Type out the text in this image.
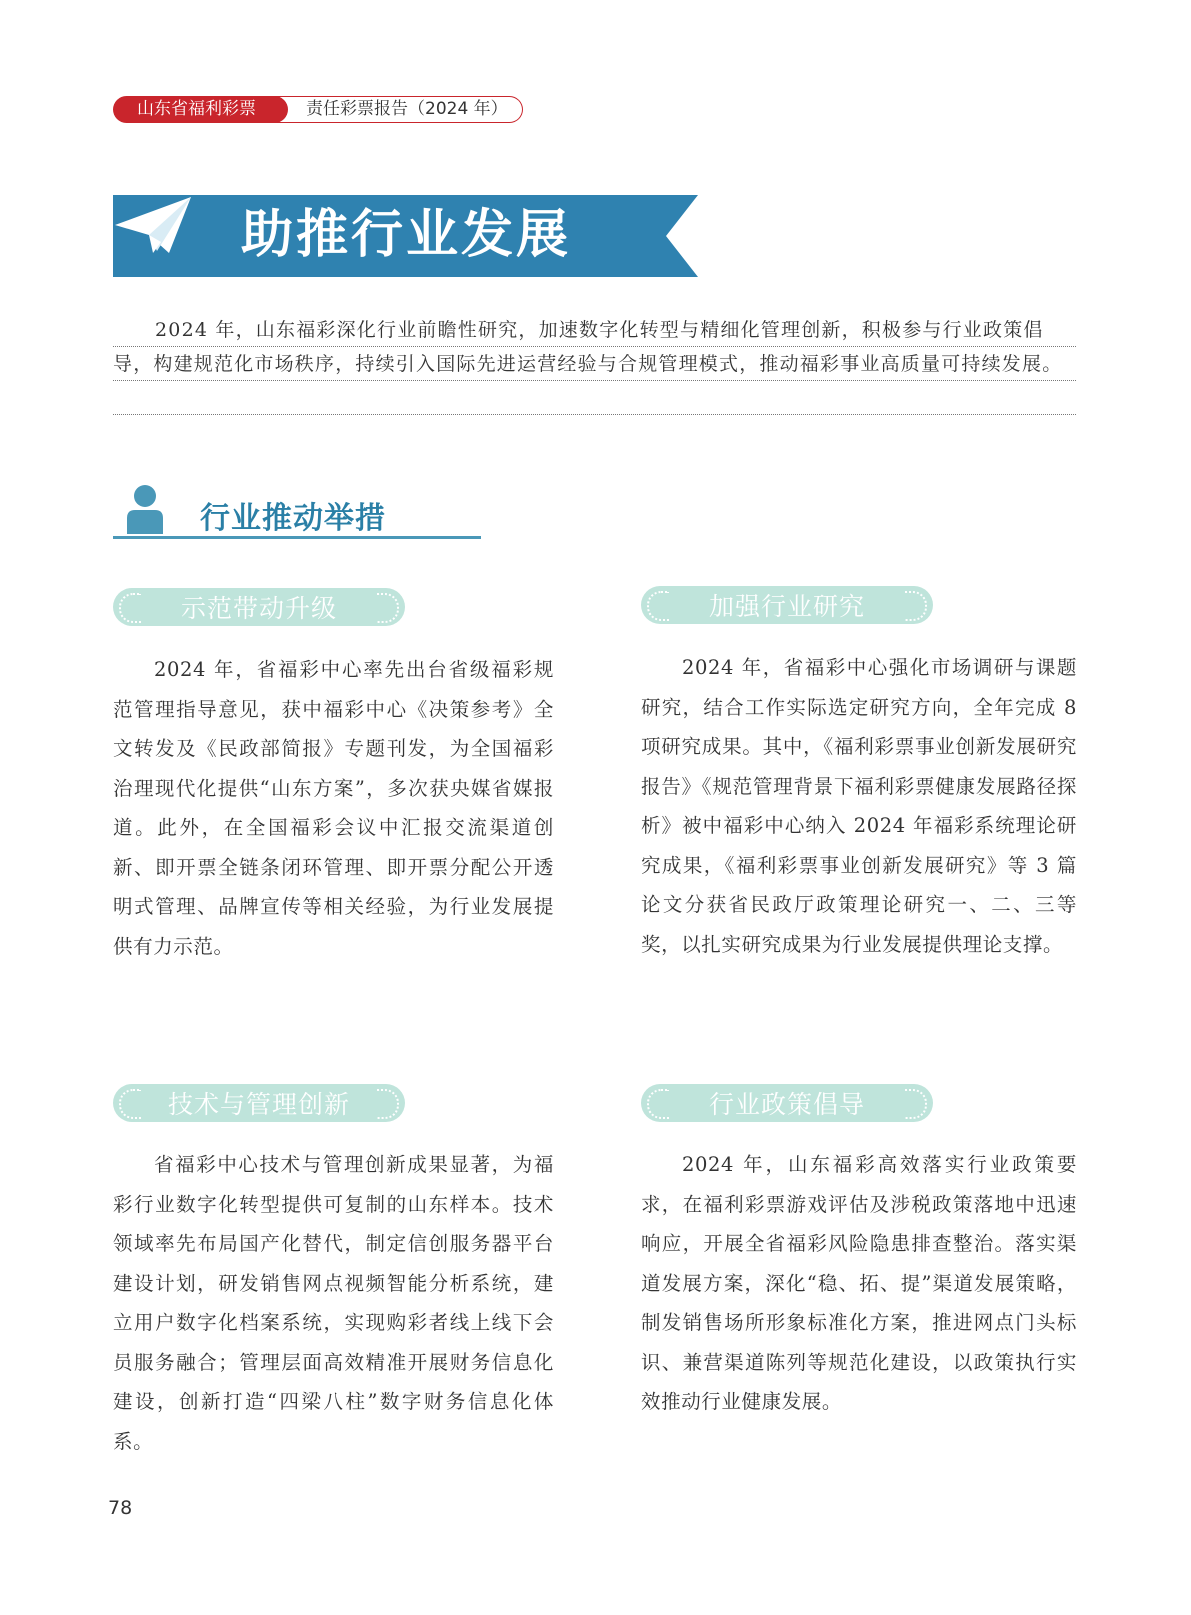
山东省福利彩票	责任彩票报告（2024 年）
助推行业发展
2024 年，山东福彩深化行业前瞻性研究，加速数字化转型与精细化管理创新，积极参与行业政策倡导，构建规范化市场秩序，持续引入国际先进运营经验与合规管理模式，推动福彩事业高质量可持续发展。
行业推动举措
示范带动升级
2024 年，省福彩中心率先出台省级福彩规范管理指导意见，获中福彩中心《决策参考》全文转发及《民政部简报》专题刊发，为全国福彩治理现代化提供“山东方案”，多次获央媒省媒报道。此外，在全国福彩会议中汇报交流渠道创新、即开票全链条闭环管理、即开票分配公开透明式管理、品牌宣传等相关经验，为行业发展提供有力示范。
加强行业研究
2024 年，省福彩中心强化市场调研与课题研究，结合工作实际选定研究方向，全年完成 8 项研究成果。其中，《福利彩票事业创新发展研究报告》《规范管理背景下福利彩票健康发展路径探析》被中福彩中心纳入 2024 年福彩系统理论研究成果，《福利彩票事业创新发展研究》等 3 篇论文分获省民政厅政策理论研究一、二、三等奖，以扎实研究成果为行业发展提供理论支撑。
技术与管理创新
省福彩中心技术与管理创新成果显著，为福彩行业数字化转型提供可复制的山东样本。技术领域率先布局国产化替代，制定信创服务器平台建设计划，研发销售网点视频智能分析系统，建立用户数字化档案系统，实现购彩者线上线下会员服务融合；管理层面高效精准开展财务信息化建设，创新打造“四梁八柱”数字财务信息化体系。
行业政策倡导
2024 年，山东福彩高效落实行业政策要求，在福利彩票游戏评估及涉税政策落地中迅速响应，开展全省福彩风险隐患排查整治。落实渠道发展方案，深化“稳、拓、提”渠道发展策略，制发销售场所形象标准化方案，推进网点门头标识、兼营渠道陈列等规范化建设，以政策执行实效推动行业健康发展。
78
